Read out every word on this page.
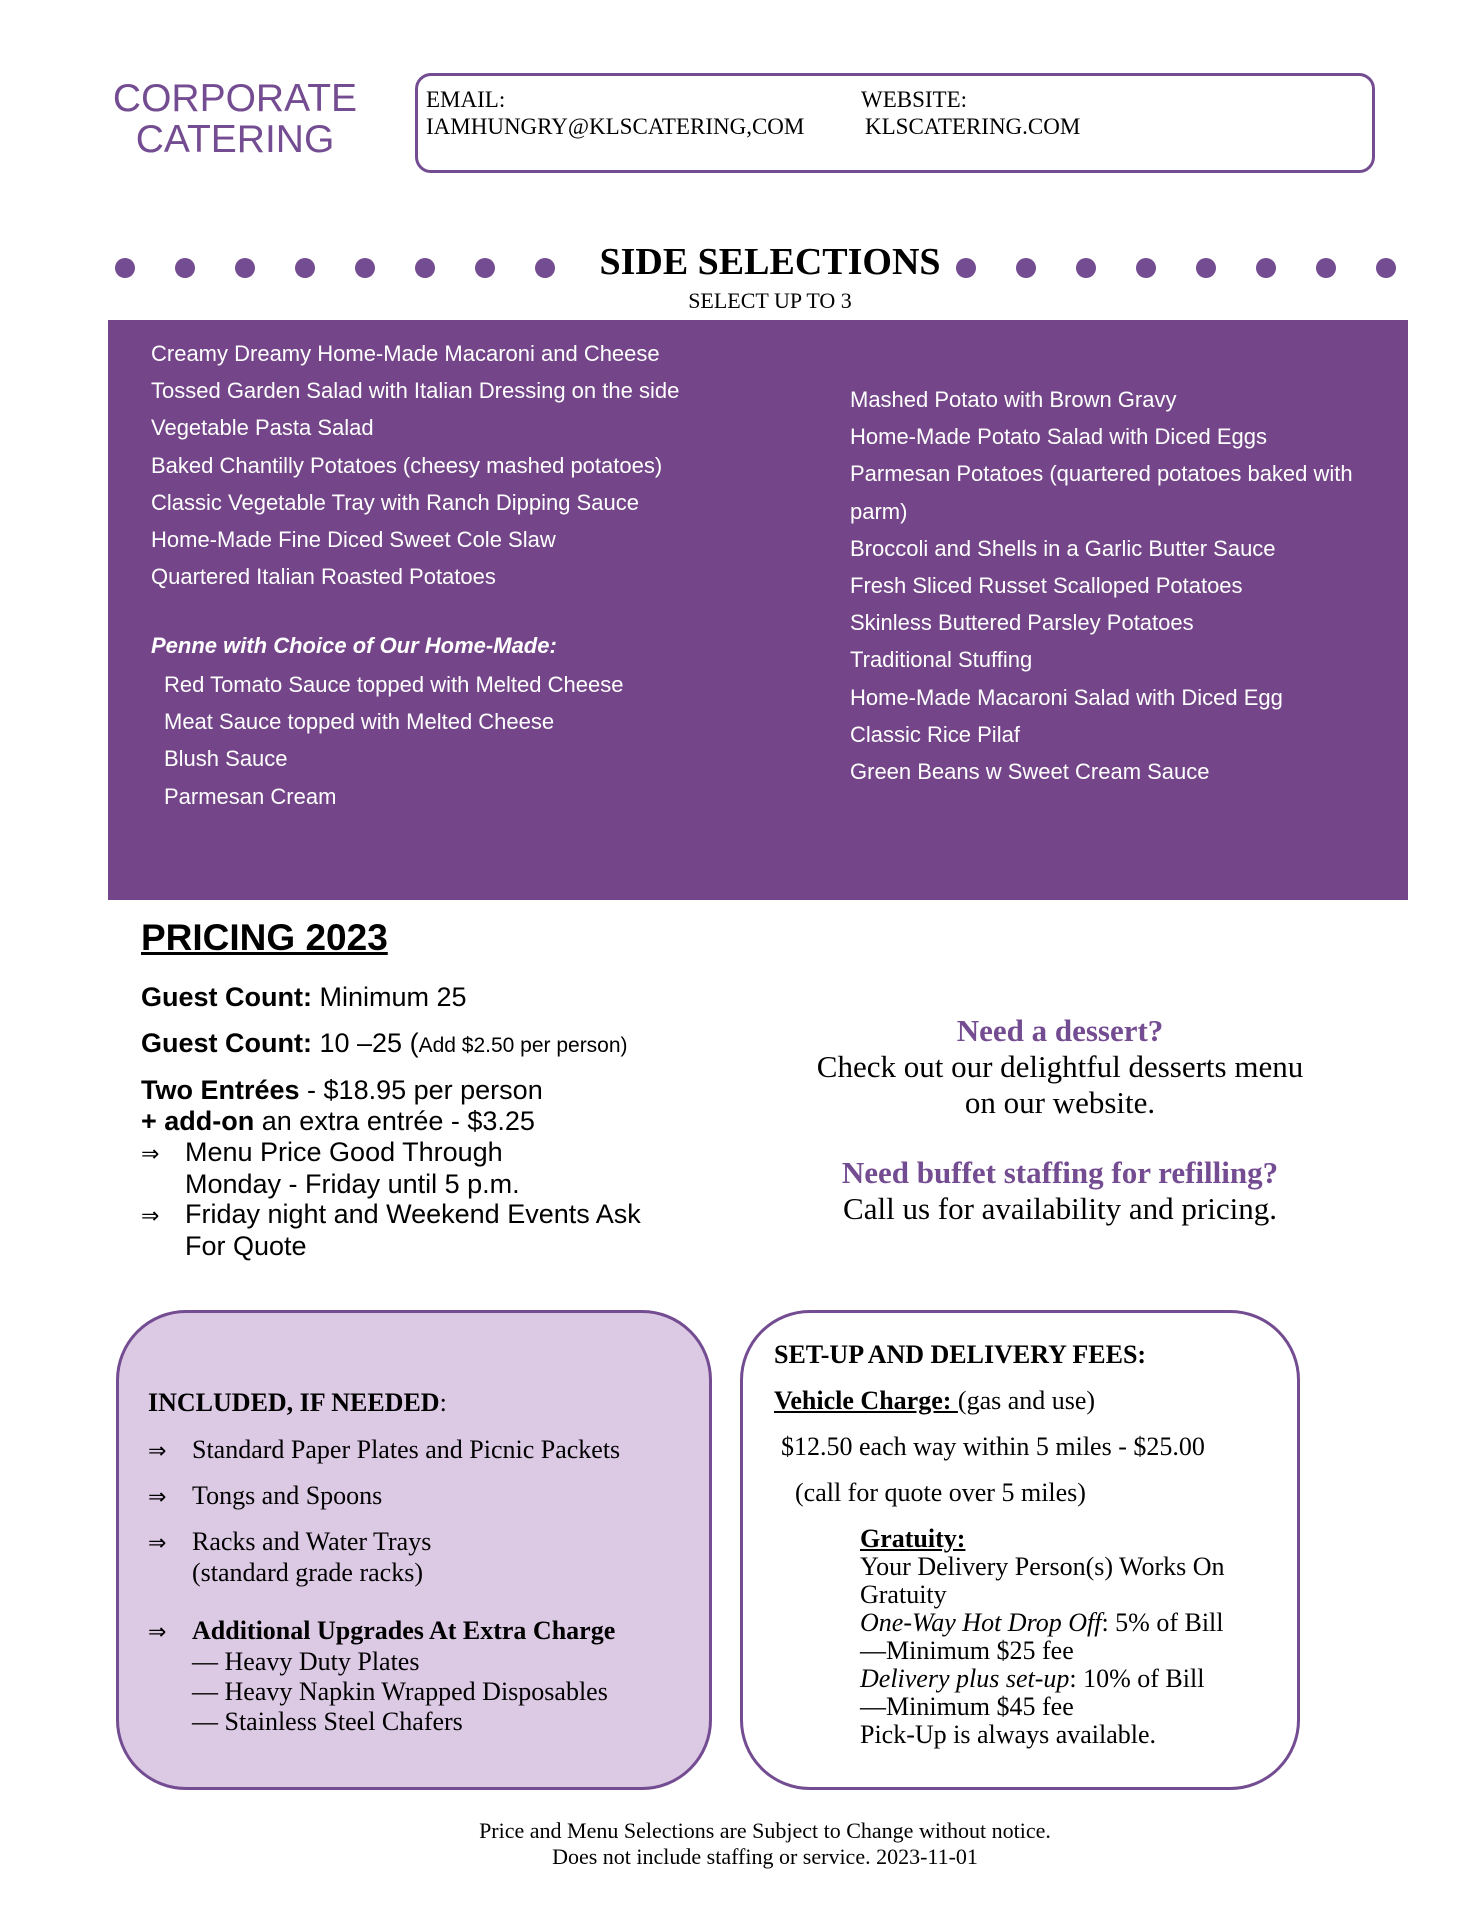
CORPORATE
CATERING
EMAIL:
IAMHUNGRY@KLSCATERING,COM
WEBSITE:
KLSCATERING.COM
SIDE SELECTIONS
SELECT UP TO 3
Creamy Dreamy Home-Made Macaroni and Cheese
Tossed Garden Salad with Italian Dressing on the side
Vegetable Pasta Salad
Baked Chantilly Potatoes (cheesy mashed potatoes)
Classic Vegetable Tray with Ranch Dipping Sauce
Home-Made Fine Diced Sweet Cole Slaw
Quartered Italian Roasted Potatoes
Penne with Choice of Our Home-Made:
Red Tomato Sauce topped with Melted Cheese
Meat Sauce topped with Melted Cheese
Blush Sauce
Parmesan Cream
Mashed Potato with Brown Gravy
Home-Made Potato Salad with Diced Eggs
Parmesan Potatoes (quartered potatoes baked with
parm)
Broccoli and Shells in a Garlic Butter Sauce
Fresh Sliced Russet Scalloped Potatoes
Skinless Buttered Parsley Potatoes
Traditional Stuffing
Home-Made Macaroni Salad with Diced Egg
Classic Rice Pilaf
Green Beans w Sweet Cream Sauce
PRICING 2023
Guest Count: Minimum 25
Guest Count: 10 –25 (Add $2.50 per person)
Two Entrées - $18.95 per person
+ add-on an extra entrée - $3.25
⇒ Menu Price Good Through
Monday - Friday until 5 p.m.
⇒ Friday night and Weekend Events Ask
For Quote
Need a dessert?
Check out our delightful desserts menu
on our website.
Need buffet staffing for refilling?
Call us for availability and pricing.
INCLUDED, IF NEEDED:
⇒ Standard Paper Plates and Picnic Packets
⇒ Tongs and Spoons
⇒ Racks and Water Trays
(standard grade racks)
⇒ Additional Upgrades At Extra Charge
— Heavy Duty Plates
— Heavy Napkin Wrapped Disposables
— Stainless Steel Chafers
SET-UP AND DELIVERY FEES:
Vehicle Charge: (gas and use)
$12.50 each way within 5 miles - $25.00
(call for quote over 5 miles)
Gratuity:
Your Delivery Person(s) Works On
Gratuity
One-Way Hot Drop Off: 5% of Bill
—Minimum $25 fee
Delivery plus set-up: 10% of Bill
—Minimum $45 fee
Pick-Up is always available.
Price and Menu Selections are Subject to Change without notice.
Does not include staffing or service. 2023-11-01
